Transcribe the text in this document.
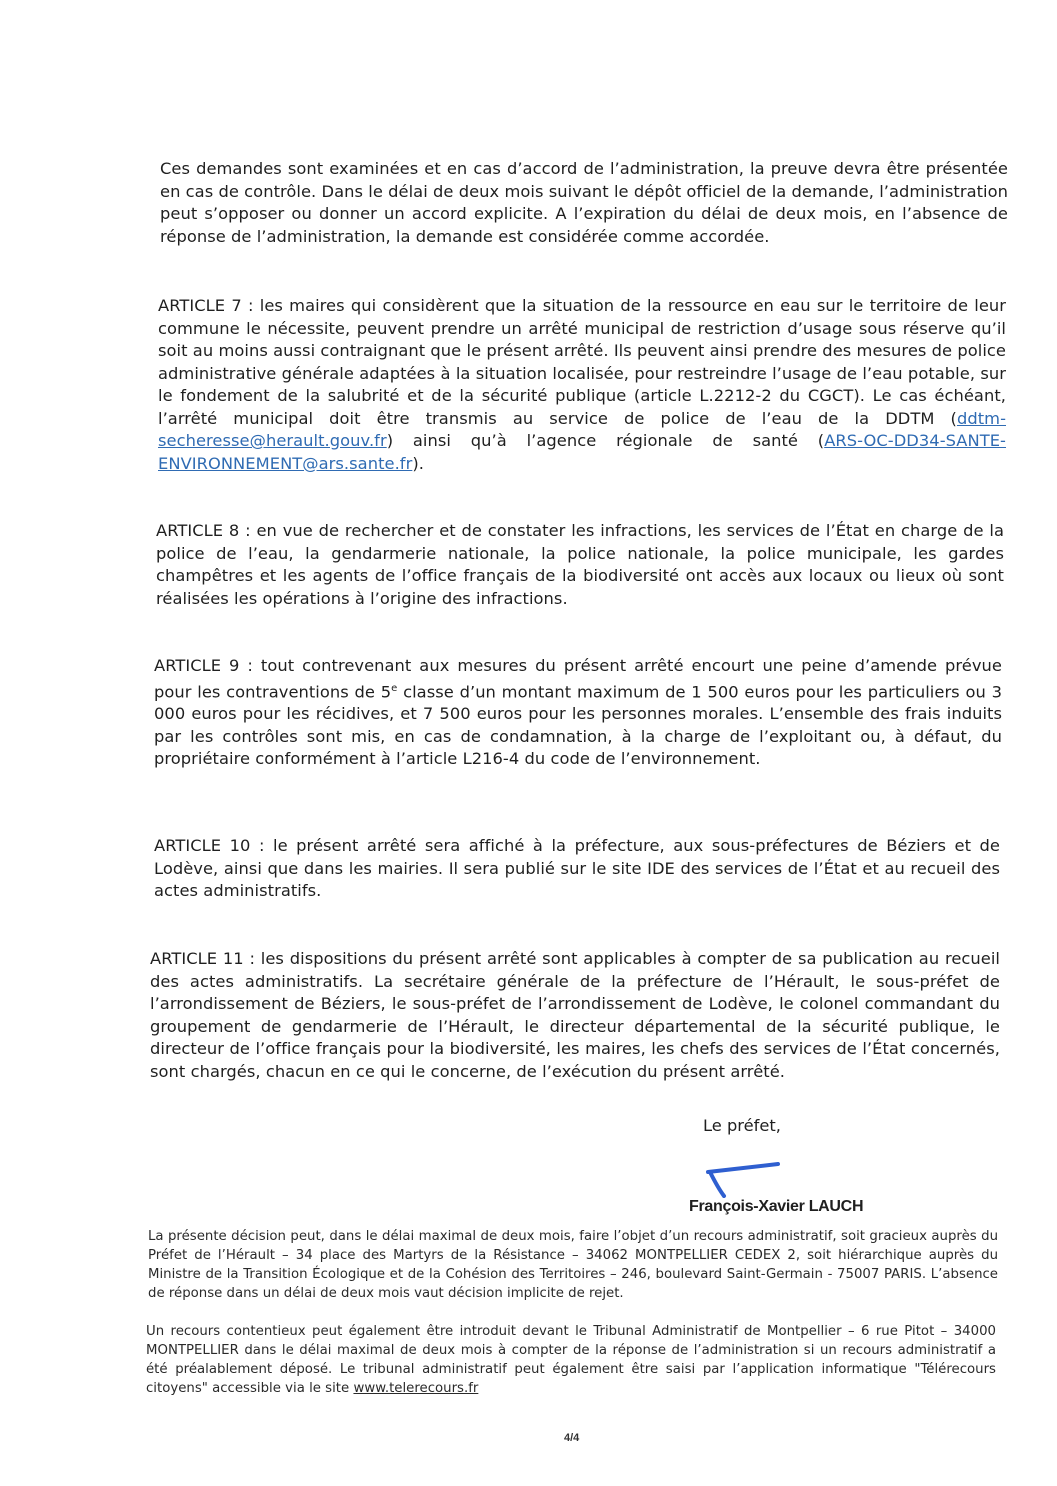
Ces demandes sont examinées et en cas d’accord de l’administration, la preuve devra être présentée en cas de contrôle. Dans le délai de deux mois suivant le dépôt officiel de la demande, l’administration peut s’opposer ou donner un accord explicite. A l’expiration du délai de deux mois, en l’absence de réponse de l’administration, la demande est considérée comme accordée.

ARTICLE 7 : les maires qui considèrent que la situation de la ressource en eau sur le territoire de leur commune le nécessite, peuvent prendre un arrêté municipal de restriction d’usage sous réserve qu’il soit au moins aussi contraignant que le présent arrêté. Ils peuvent ainsi prendre des mesures de police administrative générale adaptées à la situation localisée, pour restreindre l’usage de l’eau potable, sur le fondement de la salubrité et de la sécurité publique (article L.2212-2 du CGCT). Le cas échéant, l’arrêté municipal doit être transmis au service de police de l’eau de la DDTM (ddtm-secheresse@herault.gouv.fr) ainsi qu’à l’agence régionale de santé (ARS-OC-DD34-SANTE-ENVIRONNEMENT@ars.sante.fr).

ARTICLE 8 : en vue de rechercher et de constater les infractions, les services de l’État en charge de la police de l’eau, la gendarmerie nationale, la police nationale, la police municipale, les gardes champêtres et les agents de l’office français de la biodiversité ont accès aux locaux ou lieux où sont réalisées les opérations à l’origine des infractions.

ARTICLE 9 : tout contrevenant aux mesures du présent arrêté encourt une peine d’amende prévue pour les contraventions de 5e classe d’un montant maximum de 1 500 euros pour les particuliers ou 3 000 euros pour les récidives, et 7 500 euros pour les personnes morales. L’ensemble des frais induits par les contrôles sont mis, en cas de condamnation, à la charge de l’exploitant ou, à défaut, du propriétaire conformément à l’article L216-4 du code de l’environnement.

ARTICLE 10 : le présent arrêté sera affiché à la préfecture, aux sous-préfectures de Béziers et de Lodève, ainsi que dans les mairies. Il sera publié sur le site IDE des services de l’État et au recueil des actes administratifs.

ARTICLE 11 : les dispositions du présent arrêté sont applicables à compter de sa publication au recueil des actes administratifs. La secrétaire générale de la préfecture de l’Hérault, le sous-préfet de l’arrondissement de Béziers, le sous-préfet de l’arrondissement de Lodève, le colonel commandant du groupement de gendarmerie de l’Hérault, le directeur départemental de la sécurité publique, le directeur de l’office français pour la biodiversité, les maires, les chefs des services de l’État concernés, sont chargés, chacun en ce qui le concerne, de l’exécution du présent arrêté.

Le préfet,
François-Xavier LAUCH

La présente décision peut, dans le délai maximal de deux mois, faire l’objet d’un recours administratif, soit gracieux auprès du Préfet de l’Hérault – 34 place des Martyrs de la Résistance – 34062 MONTPELLIER CEDEX 2, soit hiérarchique auprès du Ministre de la Transition Écologique et de la Cohésion des Territoires – 246, boulevard Saint-Germain - 75007 PARIS. L’absence de réponse dans un délai de deux mois vaut décision implicite de rejet.

Un recours contentieux peut également être introduit devant le Tribunal Administratif de Montpellier – 6 rue Pitot – 34000 MONTPELLIER dans le délai maximal de deux mois à compter de la réponse de l’administration si un recours administratif a été préalablement déposé. Le tribunal administratif peut également être saisi par l’application informatique "Télérecours citoyens" accessible via le site www.telerecours.fr

4/4
